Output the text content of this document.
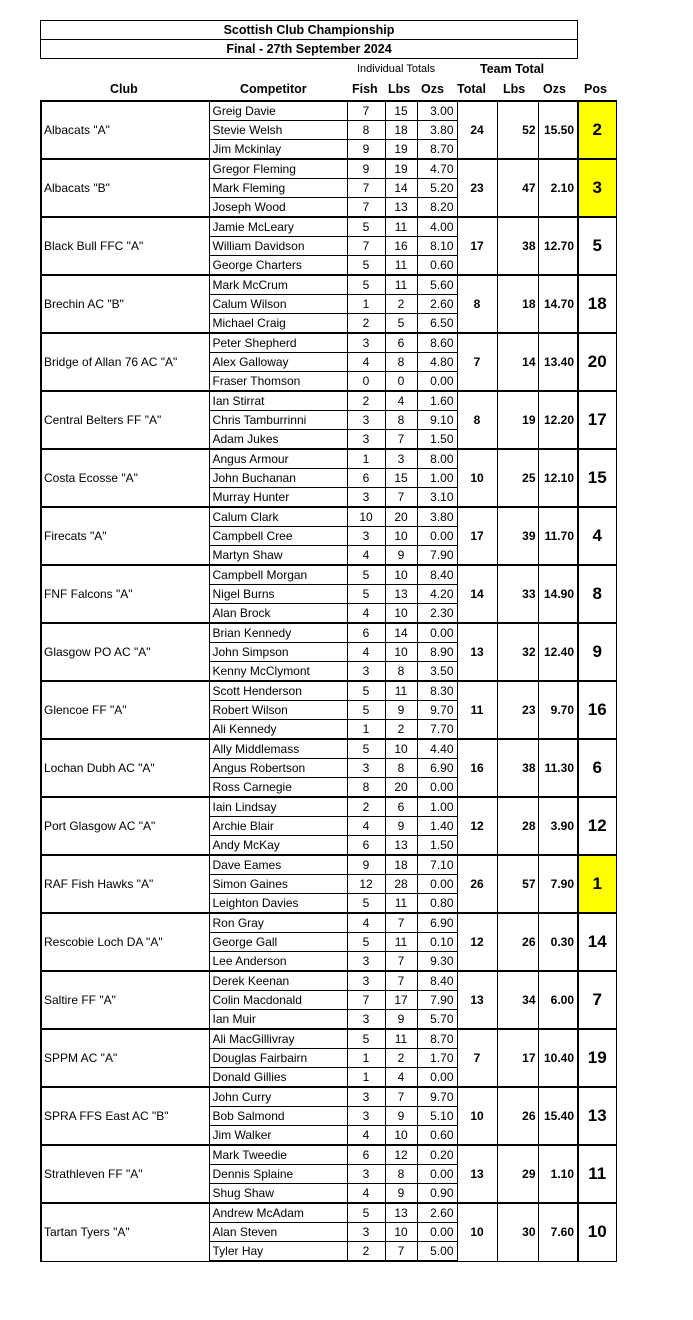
Scottish Club Championship
Final - 27th September 2024
Individual Totals	Team Total
Club	Competitor	Fish Lbs Ozs Total Lbs Ozs Pos
Albacats "A"	Greig Davie	7	15	3.00	24	52	15.50	2
	Stevie Welsh	8	18	3.80				
	Jim Mckinlay	9	19	8.70				
Albacats "B"	Gregor Fleming	9	19	4.70	23	47	2.10	3
	Mark Fleming	7	14	5.20				
	Joseph Wood	7	13	8.20				
Black Bull FFC "A"	Jamie McLeary	5	11	4.00	17	38	12.70	5
	William Davidson	7	16	8.10				
	George Charters	5	11	0.60				
Brechin AC "B"	Mark McCrum	5	11	5.60	8	18	14.70	18
	Calum Wilson	1	2	2.60				
	Michael Craig	2	5	6.50				
Bridge of Allan 76 AC "A"	Peter Shepherd	3	6	8.60	7	14	13.40	20
	Alex Galloway	4	8	4.80				
	Fraser Thomson	0	0	0.00				
Central Belters FF "A"	Ian Stirrat	2	4	1.60	8	19	12.20	17
	Chris Tamburrinni	3	8	9.10				
	Adam Jukes	3	7	1.50				
Costa Ecosse "A"	Angus Armour	1	3	8.00	10	25	12.10	15
	John Buchanan	6	15	1.00				
	Murray Hunter	3	7	3.10				
Firecats "A"	Calum Clark	10	20	3.80	17	39	11.70	4
	Campbell Cree	3	10	0.00				
	Martyn Shaw	4	9	7.90				
FNF Falcons "A"	Campbell Morgan	5	10	8.40	14	33	14.90	8
	Nigel Burns	5	13	4.20				
	Alan Brock	4	10	2.30				
Glasgow PO AC "A"	Brian Kennedy	6	14	0.00	13	32	12.40	9
	John Simpson	4	10	8.90				
	Kenny McClymont	3	8	3.50				
Glencoe FF "A"	Scott Henderson	5	11	8.30	11	23	9.70	16
	Robert Wilson	5	9	9.70				
	Ali Kennedy	1	2	7.70				
Lochan Dubh AC "A"	Ally Middlemass	5	10	4.40	16	38	11.30	6
	Angus Robertson	3	8	6.90				
	Ross Carnegie	8	20	0.00				
Port Glasgow AC "A"	Iain Lindsay	2	6	1.00	12	28	3.90	12
	Archie Blair	4	9	1.40				
	Andy McKay	6	13	1.50				
RAF Fish Hawks "A"	Dave Eames	9	18	7.10	26	57	7.90	1
	Simon Gaines	12	28	0.00				
	Leighton Davies	5	11	0.80				
Rescobie Loch DA "A"	Ron Gray	4	7	6.90	12	26	0.30	14
	George Gall	5	11	0.10				
	Lee Anderson	3	7	9.30				
Saltire FF "A"	Derek Keenan	3	7	8.40	13	34	6.00	7
	Colin Macdonald	7	17	7.90				
	Ian Muir	3	9	5.70				
SPPM AC "A"	Ali MacGillivray	5	11	8.70	7	17	10.40	19
	Douglas Fairbairn	1	2	1.70				
	Donald Gillies	1	4	0.00				
SPRA FFS East AC "B"	John Curry	3	7	9.70	10	26	15.40	13
	Bob Salmond	3	9	5.10				
	Jim Walker	4	10	0.60				
Strathleven FF "A"	Mark Tweedie	6	12	0.20	13	29	1.10	11
	Dennis Splaine	3	8	0.00				
	Shug Shaw	4	9	0.90				
Tartan Tyers "A"	Andrew McAdam	5	13	2.60	10	30	7.60	10
	Alan Steven	3	10	0.00				
	Tyler Hay	2	7	5.00				
